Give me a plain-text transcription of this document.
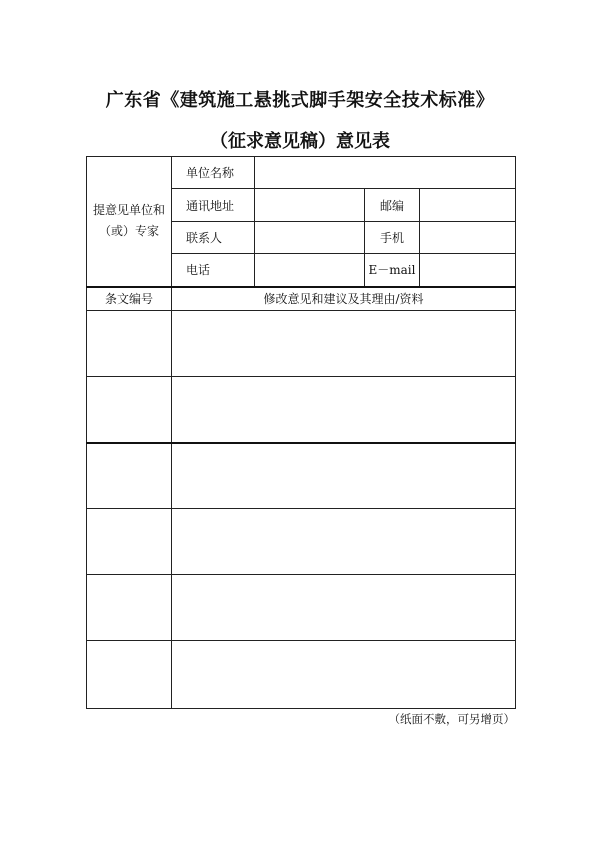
广东省《建筑施工悬挑式脚手架安全技术标准》
（征求意见稿）意见表
提意见单位和
（或）专家	单位名称			
	通讯地址		邮编	
	联系人		手机	
	电话		E－mail	
条文编号	修改意见和建议及其理由/资料			

（纸面不敷，可另增页）
